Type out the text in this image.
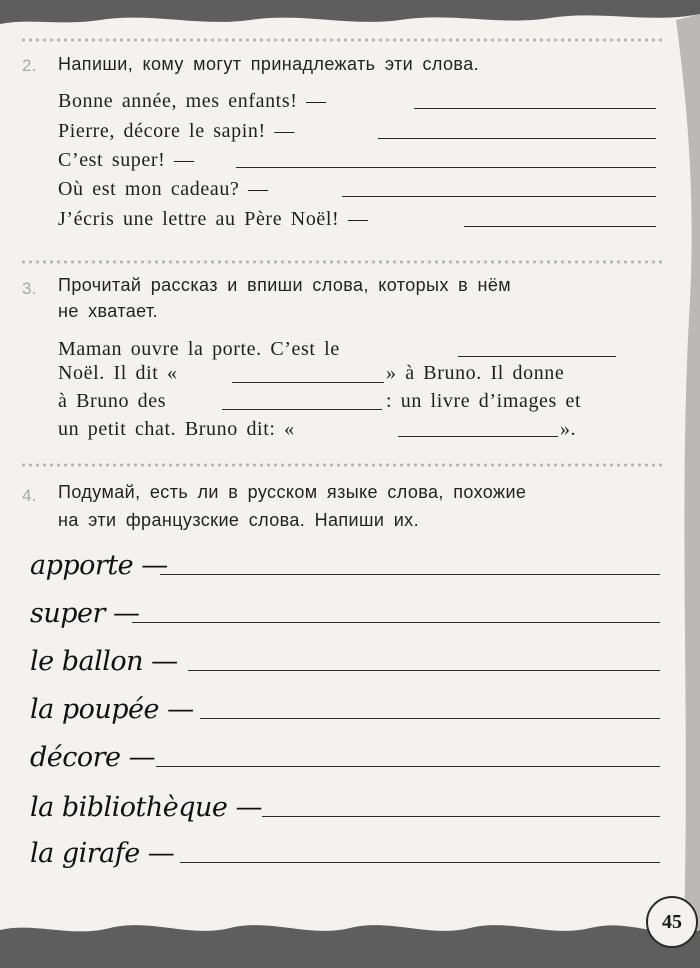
2. Напиши, кому могут принадлежать эти слова.
Bonne année, mes enfants! —
Pierre, décore le sapin! —
C’est super! —
Où est mon cadeau? —
J’écris une lettre au Père Noël! —
3. Прочитай рассказ и впиши слова, которых в нём
не хватает.
Maman ouvre la porte. C’est le
Noël. Il dit «	» à Bruno. Il donne
à Bruno des	: un livre d’images et
un petit chat. Bruno dit: «	».
4. Подумай, есть ли в русском языке слова, похожие
на эти французские слова. Напиши их.
apporte —
super —
le ballon —
la poupée —
décore —
la bibliothèque —
la girafe —
45
